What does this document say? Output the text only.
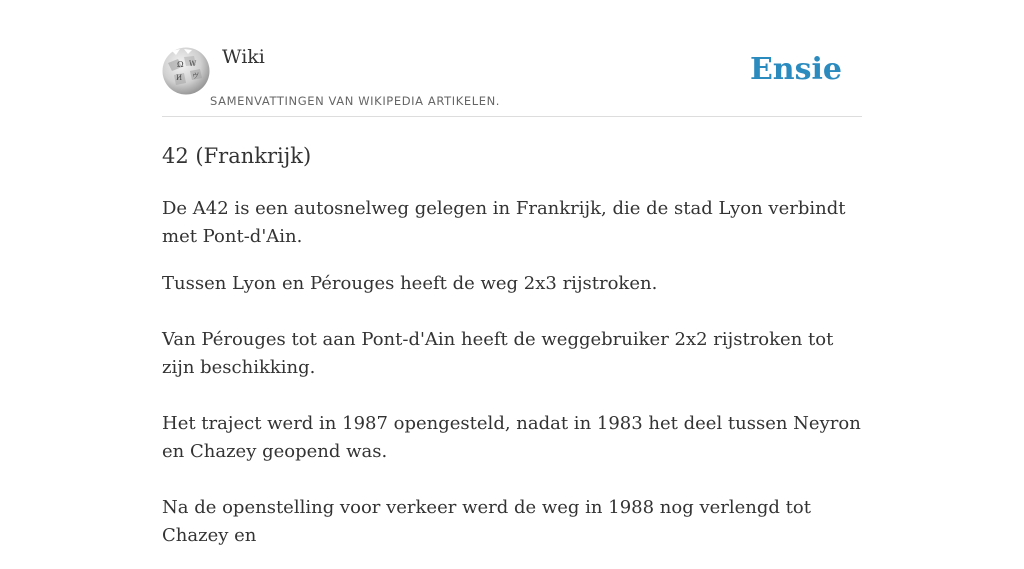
Ω W
И ヴ
Wiki
SAMENVATTINGEN VAN WIKIPEDIA ARTIKELEN.
Ensie
42 (Frankrijk)

De A42 is een autosnelweg gelegen in Frankrijk, die de stad Lyon verbindt met Pont-d'Ain.

Tussen Lyon en Pérouges heeft de weg 2x3 rijstroken.

Van Pérouges tot aan Pont-d'Ain heeft de weggebruiker 2x2 rijstroken tot zijn beschikking.

Het traject werd in 1987 opengesteld, nadat in 1983 het deel tussen Neyron en Chazey geopend was.

Na de openstelling voor verkeer werd de weg in 1988 nog verlengd tot Chazey en
